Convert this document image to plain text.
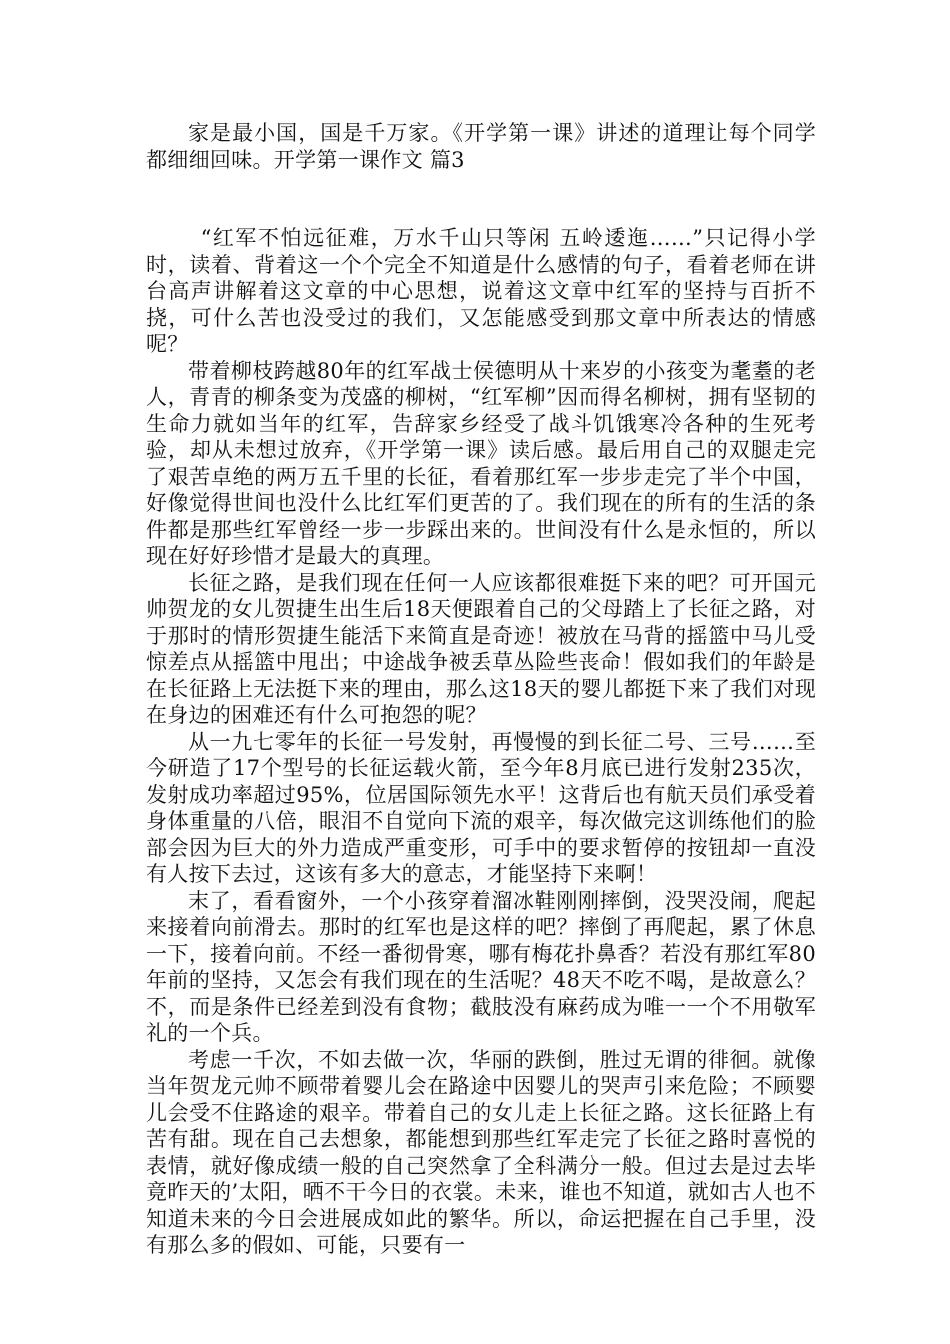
家是最小国，国是千万家。《开学第一课》讲述的道理让每个同学都细细回味。开学第一课作文 篇3

“红军不怕远征难，万水千山只等闲 五岭逶迤……”只记得小学时，读着、背着这一个个完全不知道是什么感情的句子，看着老师在讲台高声讲解着这文章的中心思想，说着这文章中红军的坚持与百折不挠，可什么苦也没受过的我们，又怎能感受到那文章中所表达的情感呢？

带着柳枝跨越80年的红军战士侯德明从十来岁的小孩变为耄耋的老人，青青的柳条变为茂盛的柳树，“红军柳”因而得名柳树，拥有坚韧的生命力就如当年的红军，告辞家乡经受了战斗饥饿寒冷各种的生死考验，却从未想过放弃，《开学第一课》读后感。最后用自己的双腿走完了艰苦卓绝的两万五千里的长征，看着那红军一步步走完了半个中国，好像觉得世间也没什么比红军们更苦的了。我们现在的所有的生活的条件都是那些红军曾经一步一步踩出来的。世间没有什么是永恒的，所以现在好好珍惜才是最大的真理。

长征之路，是我们现在任何一人应该都很难挺下来的吧？可开国元帅贺龙的女儿贺捷生出生后18天便跟着自己的父母踏上了长征之路，对于那时的情形贺捷生能活下来简直是奇迹！被放在马背的摇篮中马儿受惊差点从摇篮中甩出；中途战争被丢草丛险些丧命！假如我们的年龄是在长征路上无法挺下来的理由，那么这18天的婴儿都挺下来了我们对现在身边的困难还有什么可抱怨的呢？

从一九七零年的长征一号发射，再慢慢的到长征二号、三号……至今研造了17个型号的长征运载火箭，至今年8月底已进行发射235次，发射成功率超过95%，位居国际领先水平！这背后也有航天员们承受着身体重量的八倍，眼泪不自觉向下流的艰辛，每次做完这训练他们的脸部会因为巨大的外力造成严重变形，可手中的要求暂停的按钮却一直没有人按下去过，这该有多大的意志，才能坚持下来啊！

末了，看看窗外，一个小孩穿着溜冰鞋刚刚摔倒，没哭没闹，爬起来接着向前滑去。那时的红军也是这样的吧？摔倒了再爬起，累了休息一下，接着向前。不经一番彻骨寒，哪有梅花扑鼻香？若没有那红军80年前的坚持，又怎会有我们现在的生活呢？48天不吃不喝，是故意么？不，而是条件已经差到没有食物；截肢没有麻药成为唯一一个不用敬军礼的一个兵。

考虑一千次，不如去做一次，华丽的跌倒，胜过无谓的徘徊。就像当年贺龙元帅不顾带着婴儿会在路途中因婴儿的哭声引来危险；不顾婴儿会受不住路途的艰辛。带着自己的女儿走上长征之路。这长征路上有苦有甜。现在自己去想象，都能想到那些红军走完了长征之路时喜悦的表情，就好像成绩一般的自己突然拿了全科满分一般。但过去是过去毕竟昨天的’太阳，晒不干今日的衣裳。未来，谁也不知道，就如古人也不知道未来的今日会进展成如此的繁华。所以，命运把握在自己手里，没有那么多的假如、可能，只要有一
